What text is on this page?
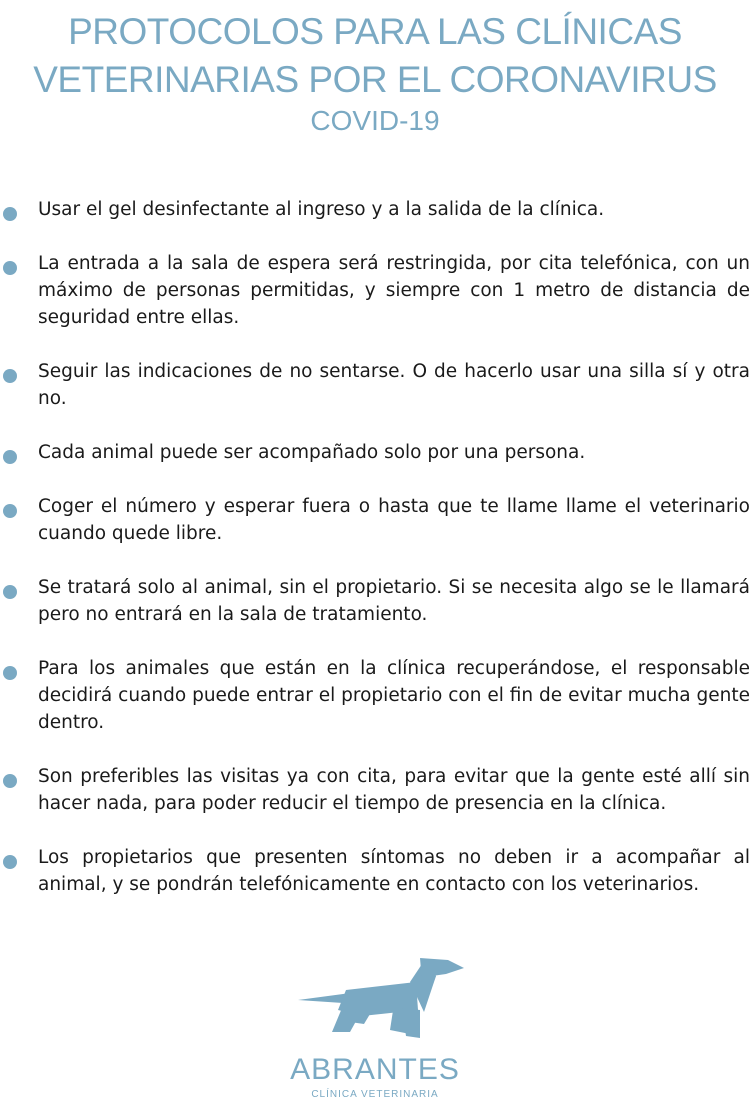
PROTOCOLOS PARA LAS CLÍNICAS
VETERINARIAS POR EL CORONAVIRUS
COVID-19
Usar el gel desinfectante al ingreso y a la salida de la clínica.
La entrada a la sala de espera será restringida, por cita telefónica, con un máximo de personas permitidas, y siempre con 1 metro de distancia de seguridad entre ellas.
Seguir las indicaciones de no sentarse. O de hacerlo usar una silla sí y otra no.
Cada animal puede ser acompañado solo por una persona.
Coger el número y esperar fuera o hasta que te llame llame el veterinario cuando quede libre.
Se tratará solo al animal, sin el propietario. Si se necesita algo se le llamará pero no entrará en la sala de tratamiento.
Para los animales que están en la clínica recuperándose, el responsable decidirá cuando puede entrar el propietario con el fin de evitar mucha gente dentro.
Son preferibles las visitas ya con cita, para evitar que la gente esté allí sin hacer nada, para poder reducir el tiempo de presencia en la clínica.
Los propietarios que presenten síntomas no deben ir a acompañar al animal, y se pondrán telefónicamente en contacto con los veterinarios.
ABRANTES
CLÍNICA VETERINARIA
